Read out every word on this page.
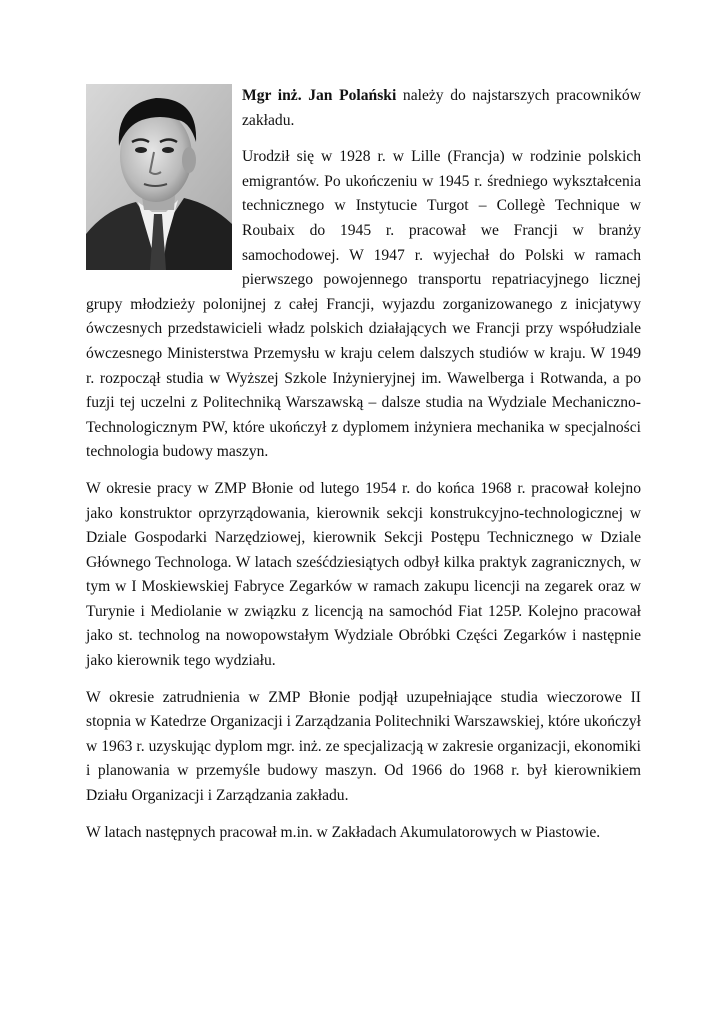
Mgr inż. Jan Polański należy do najstarszych pracowników zakładu.

Urodził się w 1928 r. w Lille (Francja) w rodzinie polskich emigrantów. Po ukończeniu w 1945 r. średniego wykształcenia technicznego w Instytucie Turgot – Collegè Technique w Roubaix do 1945 r. pracował we Francji w branży samochodowej. W 1947 r. wyjechał do Polski w ramach pierwszego powojennego transportu repatriacyjnego licznej grupy młodzieży polonijnej z całej Francji, wyjazdu zorganizowanego z inicjatywy ówczesnych przedstawicieli władz polskich działających we Francji przy współudziale ówczesnego Ministerstwa Przemysłu w kraju celem dalszych studiów w kraju. W 1949 r. rozpoczął studia w Wyższej Szkole Inżynieryjnej im. Wawelberga i Rotwanda, a po fuzji tej uczelni z Politechniką Warszawską – dalsze studia na Wydziale Mechaniczno-Technologicznym PW, które ukończył z dyplomem inżyniera mechanika w specjalności technologia budowy maszyn.

W okresie pracy w ZMP Błonie od lutego 1954 r. do końca 1968 r. pracował kolejno jako konstruktor oprzyrządowania, kierownik sekcji konstrukcyjno-technologicznej w Dziale Gospodarki Narzędziowej, kierownik Sekcji Postępu Technicznego w Dziale Głównego Technologa. W latach sześćdziesiątych odbył kilka praktyk zagranicznych, w tym w I Moskiewskiej Fabryce Zegarków w ramach zakupu licencji na zegarek oraz w Turynie i Mediolanie w związku z licencją na samochód Fiat 125P. Kolejno pracował jako st. technolog na nowopowstałym Wydziale Obróbki Części Zegarków i następnie jako kierownik tego wydziału.

W okresie zatrudnienia w ZMP Błonie podjął uzupełniające studia wieczorowe II stopnia w Katedrze Organizacji i Zarządzania Politechniki Warszawskiej, które ukończył w 1963 r. uzyskując dyplom mgr. inż. ze specjalizacją w zakresie organizacji, ekonomiki i planowania w przemyśle budowy maszyn. Od 1966 do 1968 r. był kierownikiem Działu Organizacji i Zarządzania zakładu.

W latach następnych pracował m.in. w Zakładach Akumulatorowych w Piastowie.
